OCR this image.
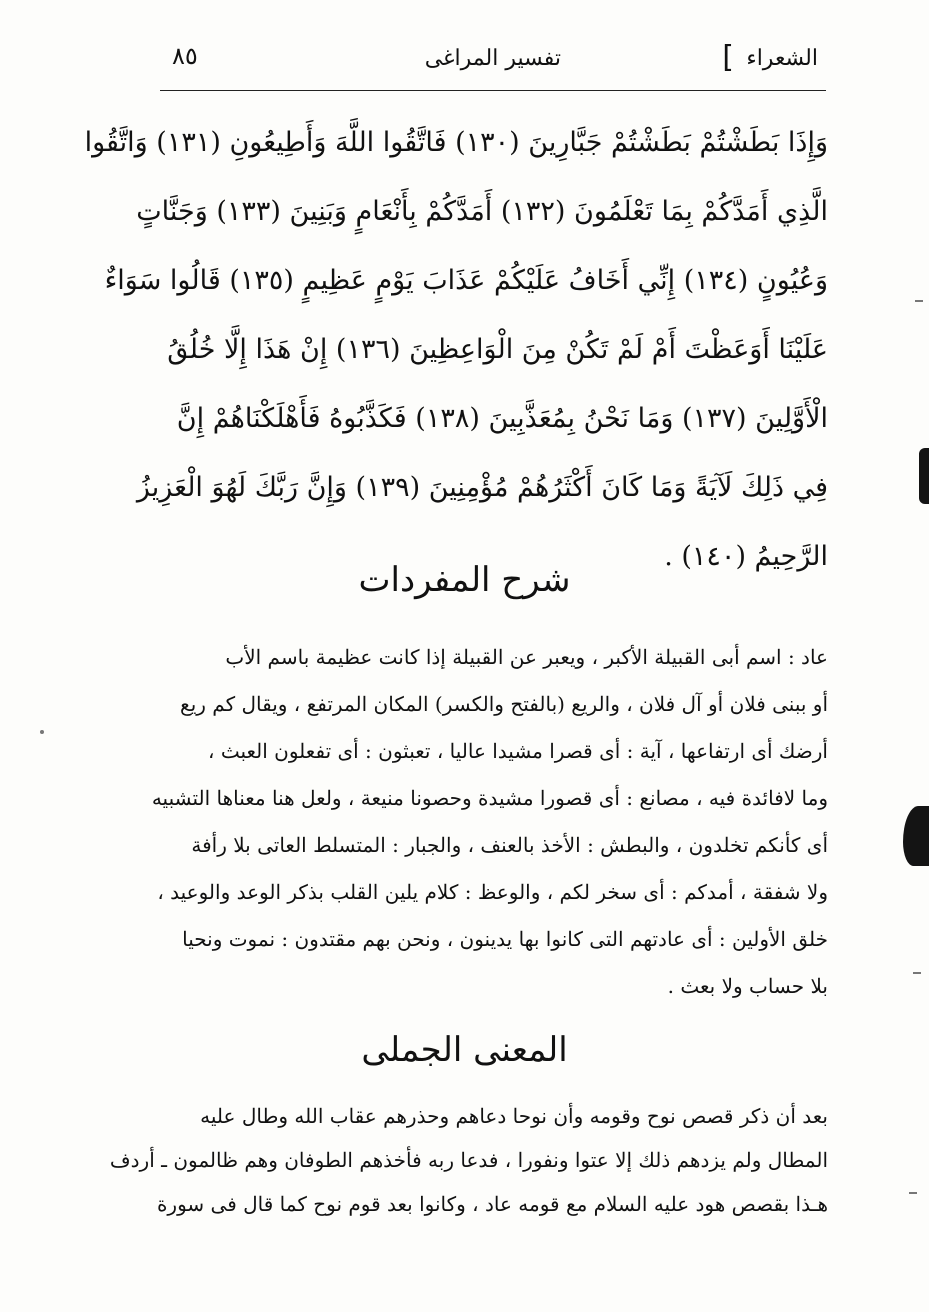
الشعراء
]
تفسير المراغى
٨٥
وَإِذَا بَطَشْتُمْ بَطَشْتُمْ جَبَّارِينَ (١٣٠) فَاتَّقُوا اللَّهَ وَأَطِيعُونِ (١٣١) وَاتَّقُوا
الَّذِي أَمَدَّكُمْ بِمَا تَعْلَمُونَ (١٣٢) أَمَدَّكُمْ بِأَنْعَامٍ وَبَنِينَ (١٣٣) وَجَنَّاتٍ
وَعُيُونٍ (١٣٤) إِنِّي أَخَافُ عَلَيْكُمْ عَذَابَ يَوْمٍ عَظِيمٍ (١٣٥) قَالُوا سَوَاءٌ
عَلَيْنَا أَوَعَظْتَ أَمْ لَمْ تَكُنْ مِنَ الْوَاعِظِينَ (١٣٦) إِنْ هَذَا إِلَّا خُلُقُ
الْأَوَّلِينَ (١٣٧) وَمَا نَحْنُ بِمُعَذَّبِينَ (١٣٨) فَكَذَّبُوهُ فَأَهْلَكْنَاهُمْ إِنَّ
فِي ذَلِكَ لَآيَةً وَمَا كَانَ أَكْثَرُهُمْ مُؤْمِنِينَ (١٣٩) وَإِنَّ رَبَّكَ لَهُوَ الْعَزِيزُ
الرَّحِيمُ (١٤٠) .
شرح المفردات
عاد : اسم أبى القبيلة الأكبر ، ويعبر عن القبيلة إذا كانت عظيمة باسم الأب
أو ببنى فلان أو آل فلان ، والريع (بالفتح والكسر) المكان المرتفع ، ويقال كم ريع
أرضك أى ارتفاعها ، آية : أى قصرا مشيدا عاليا ، تعبثون : أى تفعلون العبث ،
وما لافائدة فيه ، مصانع : أى قصورا مشيدة وحصونا منيعة ، ولعل هنا معناها التشبيه
أى كأنكم تخلدون ، والبطش : الأخذ بالعنف ، والجبار : المتسلط العاتى بلا رأفة
ولا شفقة ، أمدكم : أى سخر لكم ، والوعظ : كلام يلين القلب بذكر الوعد والوعيد ،
خلق الأولين : أى عادتهم التى كانوا بها يدينون ، ونحن بهم مقتدون : نموت ونحيا
بلا حساب ولا بعث .
المعنى الجملى
بعد أن ذكر قصص نوح وقومه وأن نوحا دعاهم وحذرهم عقاب الله وطال عليه
المطال ولم يزدهم ذلك إلا عتوا ونفورا ، فدعا ربه فأخذهم الطوفان وهم ظالمون ـ أردف
هـذا بقصص هود عليه السلام مع قومه عاد ، وكانوا بعد قوم نوح كما قال فى سورة
